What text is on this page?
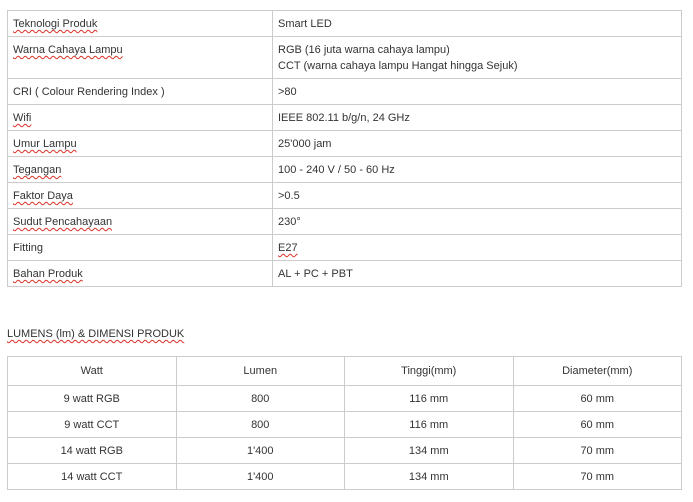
Teknologi Produk	Smart LED
Warna Cahaya Lampu	RGB (16 juta warna cahaya lampu)
CCT (warna cahaya lampu Hangat hingga Sejuk)

CRI ( Colour Rendering Index )	>80
Wifi	IEEE 802.11 b/g/n, 24 GHz
Umur Lampu	25'000 jam
Tegangan	100 - 240 V / 50 - 60 Hz
Faktor Daya	>0.5
Sudut Pencahayaan	230°
Fitting	E27
Bahan Produk	AL + PC + PBT
LUMENS (lm) & DIMENSI PRODUK
Watt	Lumen	Tinggi(mm)	Diameter(mm)
9 watt RGB	800	116 mm	60 mm
9 watt CCT	800	116 mm	60 mm
14 watt RGB	1'400	134 mm	70 mm
14 watt CCT	1'400	134 mm	70 mm
